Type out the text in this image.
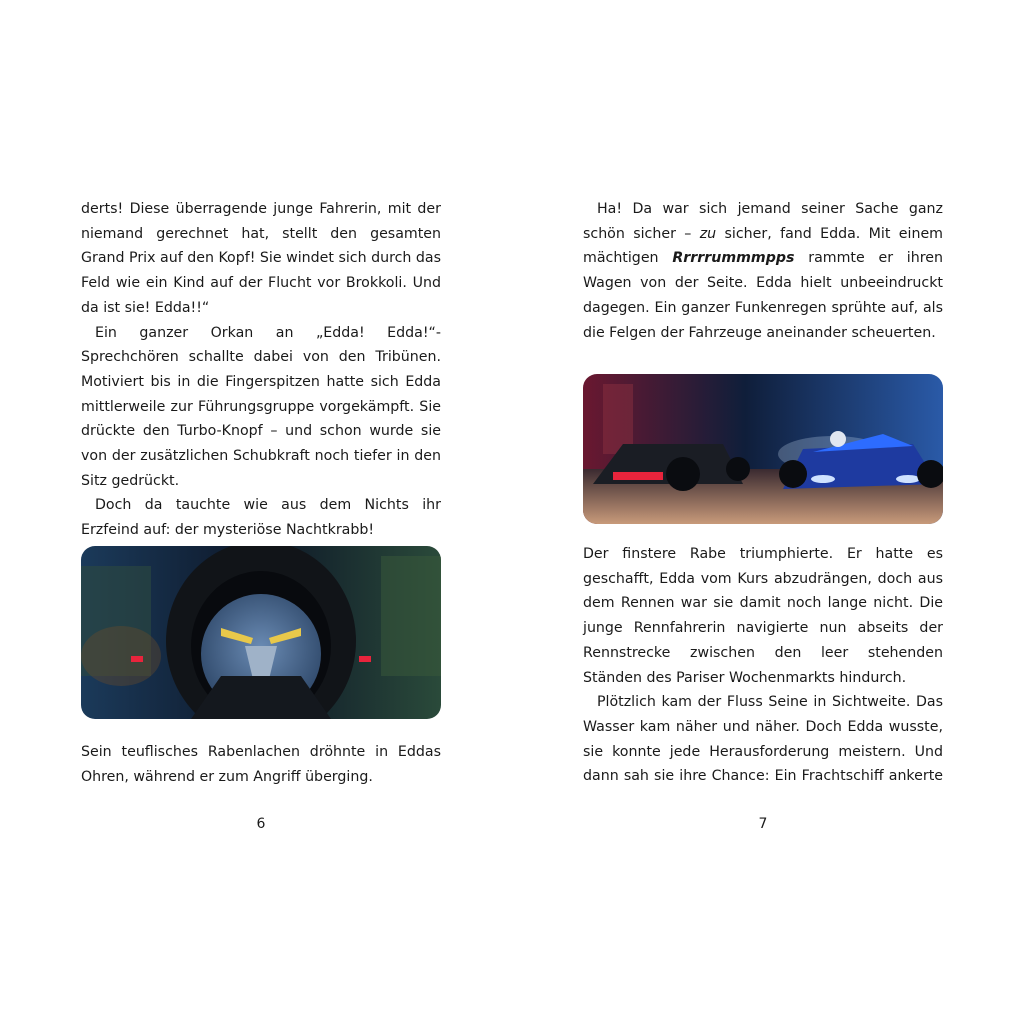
derts! Diese überragende junge Fahrerin, mit der niemand gerechnet hat, stellt den gesamten Grand Prix auf den Kopf! Sie windet sich durch das Feld wie ein Kind auf der Flucht vor Brokkoli. Und da ist sie! Edda!!“

Ein ganzer Orkan an „Edda! Edda!“-Sprechchören schallte dabei von den Tribünen. Motiviert bis in die Fingerspitzen hatte sich Edda mittlerweile zur Führungsgruppe vorgekämpft. Sie drückte den Turbo-Knopf – und schon wurde sie von der zusätzlichen Schubkraft noch tiefer in den Sitz gedrückt.

Doch da tauchte wie aus dem Nichts ihr Erzfeind auf: der mysteriöse Nachtkrabb!

Sein teuflisches Rabenlachen dröhnte in Eddas Ohren, während er zum Angriff überging.

6

Ha! Da war sich jemand seiner Sache ganz schön sicher – zu sicher, fand Edda. Mit einem mächtigen Rrrrrummmpps rammte er ihren Wagen von der Seite. Edda hielt unbeeindruckt dagegen. Ein ganzer Funkenregen sprühte auf, als die Felgen der Fahrzeuge aneinander scheuerten.

Der finstere Rabe triumphierte. Er hatte es geschafft, Edda vom Kurs abzudrängen, doch aus dem Rennen war sie damit noch lange nicht. Die junge Rennfahrerin navigierte nun abseits der Rennstrecke zwischen den leer stehenden Ständen des Pariser Wochenmarkts hindurch.

Plötzlich kam der Fluss Seine in Sichtweite. Das Wasser kam näher und näher. Doch Edda wusste, sie konnte jede Herausforderung meistern. Und dann sah sie ihre Chance: Ein Frachtschiff ankerte

7
